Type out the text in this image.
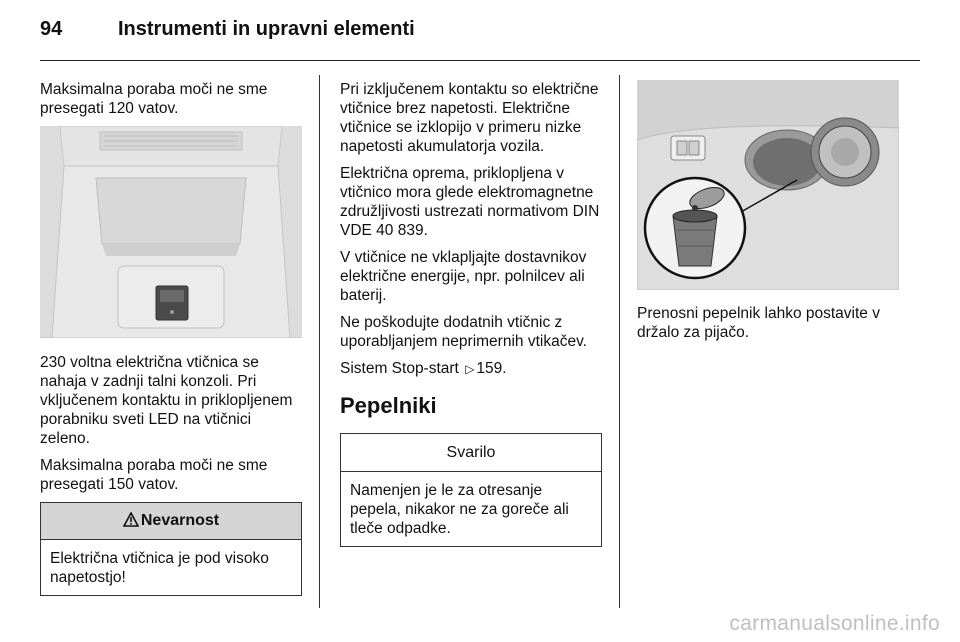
94	Instrumenti in upravni elementi

Maksimalna poraba moči ne sme presegati 120 vatov.

230 voltna električna vtičnica se nahaja v zadnji talni konzoli. Pri vključenem kontaktu in priklopljenem porabniku sveti LED na vtičnici zeleno.

Maksimalna poraba moči ne sme presegati 150 vatov.

Nevarnost
Električna vtičnica je pod visoko napetostjo!

Pri izključenem kontaktu so električne vtičnice brez napetosti. Električne vtičnice se izklopijo v primeru nizke napetosti akumulatorja vozila.

Električna oprema, priklopljena v vtičnico mora glede elektromagnetne združljivosti ustrezati normativom DIN VDE 40 839.

V vtičnice ne vklapljajte dostavnikov električne energije, npr. polnilcev ali baterij.

Ne poškodujte dodatnih vtičnic z uporabljanjem neprimernih vtikačev.

Sistem Stop-start ▷ 159.

Pepelniki
Svarilo
Namenjen je le za otresanje pepela, nikakor ne za goreče ali tleče odpadke.

Prenosni pepelnik lahko postavite v držalo za pijačo.

carmanualsonline.info
